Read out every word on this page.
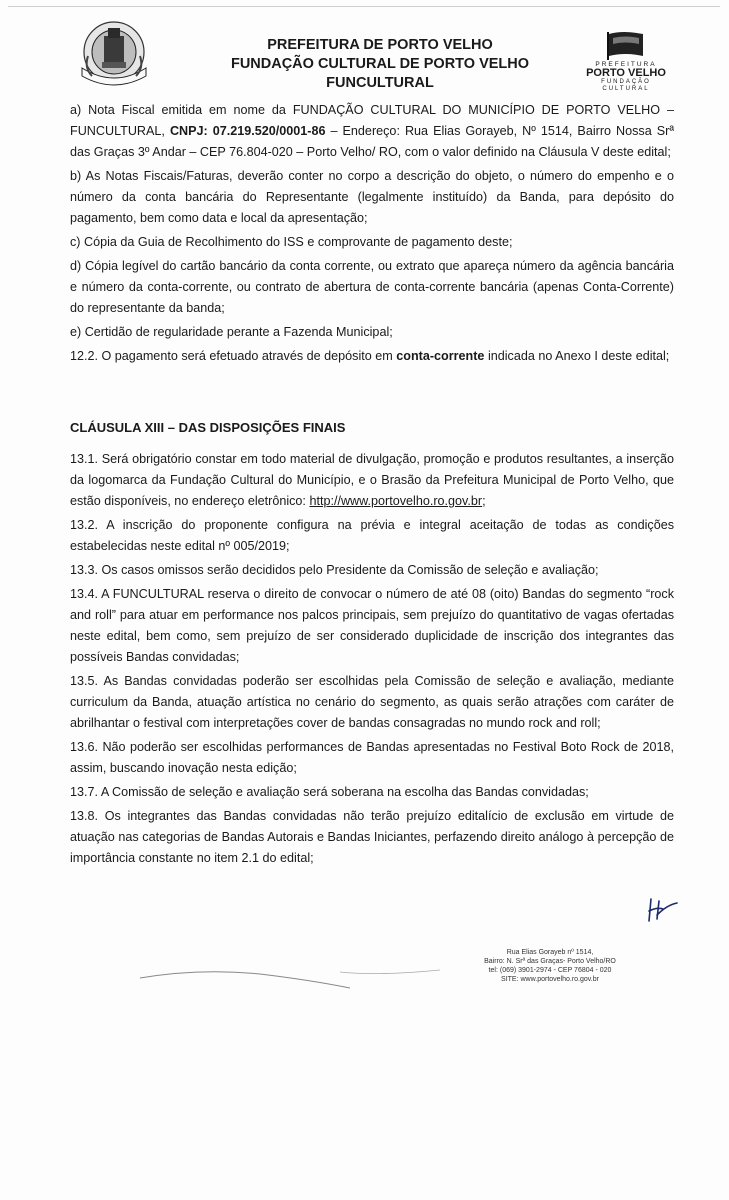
PREFEITURA DE PORTO VELHO
FUNDAÇÃO CULTURAL DE PORTO VELHO
FUNCULTURAL
PREFEITURA
PORTO VELHO
FUNDAÇÃO
CULTURAL

a) Nota Fiscal emitida em nome da FUNDAÇÃO CULTURAL DO MUNICÍPIO DE PORTO VELHO – FUNCULTURAL, CNPJ: 07.219.520/0001-86 – Endereço: Rua Elias Gorayeb, Nº 1514, Bairro Nossa Srª das Graças 3º Andar – CEP 76.804-020 – Porto Velho/ RO, com o valor definido na Cláusula V deste edital;

b) As Notas Fiscais/Faturas, deverão conter no corpo a descrição do objeto, o número do empenho e o número da conta bancária do Representante (legalmente instituído) da Banda, para depósito do pagamento, bem como data e local da apresentação;

c) Cópia da Guia de Recolhimento do ISS e comprovante de pagamento deste;

d) Cópia legível do cartão bancário da conta corrente, ou extrato que apareça número da agência bancária e número da conta-corrente, ou contrato de abertura de conta-corrente bancária (apenas Conta-Corrente) do representante da banda;

e) Certidão de regularidade perante a Fazenda Municipal;

12.2. O pagamento será efetuado através de depósito em conta-corrente indicada no Anexo I deste edital;

CLÁUSULA XIII – DAS DISPOSIÇÕES FINAIS

13.1. Será obrigatório constar em todo material de divulgação, promoção e produtos resultantes, a inserção da logomarca da Fundação Cultural do Município, e o Brasão da Prefeitura Municipal de Porto Velho, que estão disponíveis, no endereço eletrônico: http://www.portovelho.ro.gov.br;

13.2. A inscrição do proponente configura na prévia e integral aceitação de todas as condições estabelecidas neste edital nº 005/2019;

13.3. Os casos omissos serão decididos pelo Presidente da Comissão de seleção e avaliação;

13.4. A FUNCULTURAL reserva o direito de convocar o número de até 08 (oito) Bandas do segmento “rock and roll” para atuar em performance nos palcos principais, sem prejuízo do quantitativo de vagas ofertadas neste edital, bem como, sem prejuízo de ser considerado duplicidade de inscrição dos integrantes das possíveis Bandas convidadas;

13.5. As Bandas convidadas poderão ser escolhidas pela Comissão de seleção e avaliação, mediante curriculum da Banda, atuação artística no cenário do segmento, as quais serão atrações com caráter de abrilhantar o festival com interpretações cover de bandas consagradas no mundo rock and roll;

13.6. Não poderão ser escolhidas performances de Bandas apresentadas no Festival Boto Rock de 2018, assim, buscando inovação nesta edição;

13.7. A Comissão de seleção e avaliação será soberana na escolha das Bandas convidadas;

13.8. Os integrantes das Bandas convidadas não terão prejuízo editalício de exclusão em virtude de atuação nas categorias de Bandas Autorais e Bandas Iniciantes, perfazendo direito análogo à percepção de importância constante no item 2.1 do edital;

Rua Elias Gorayeb nº 1514,
Bairro: N. Srª das Graças- Porto Velho/RO
tel: (069) 3901-2974 - CEP 76804 - 020
SITE: www.portovelho.ro.gov.br
